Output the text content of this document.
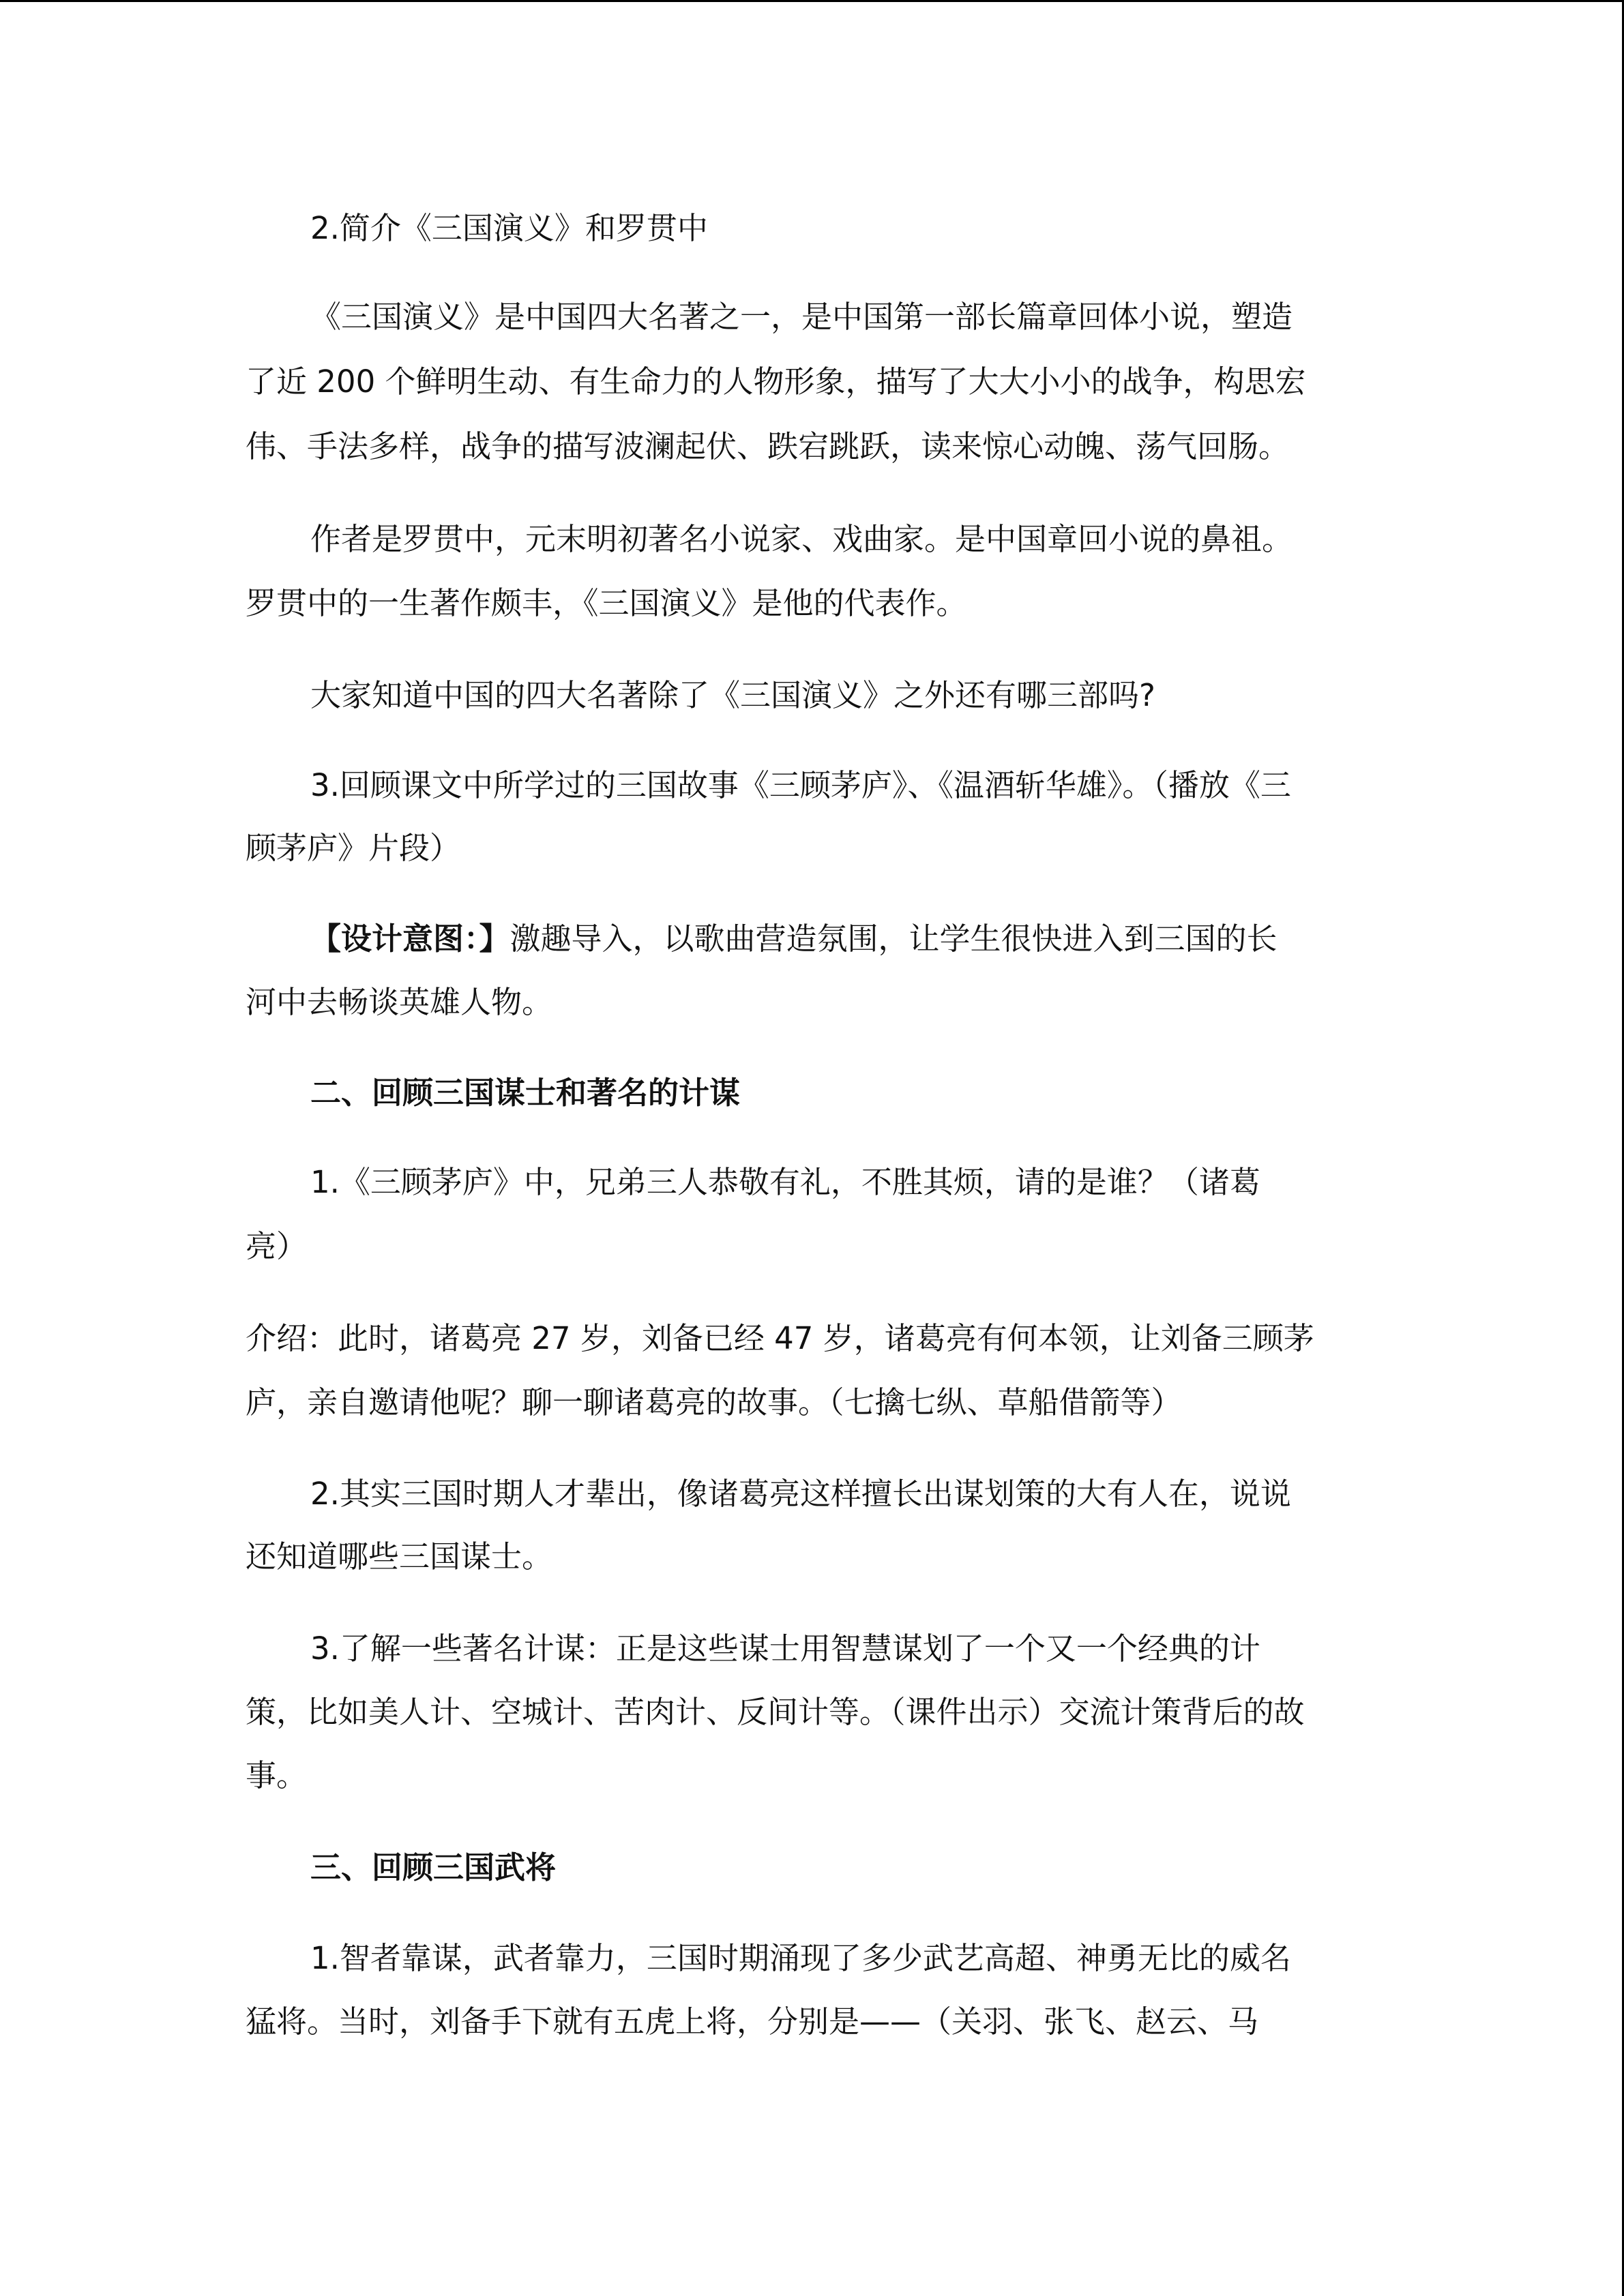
2.简介《三国演义》和罗贯中
《三国演义》是中国四大名著之一，是中国第一部长篇章回体小说，塑造
了近 200 个鲜明生动、有生命力的人物形象，描写了大大小小的战争，构思宏
伟、手法多样，战争的描写波澜起伏、跌宕跳跃，读来惊心动魄、荡气回肠。
作者是罗贯中，元末明初著名小说家、戏曲家。是中国章回小说的鼻祖。
罗贯中的一生著作颇丰，《三国演义》是他的代表作。
大家知道中国的四大名著除了《三国演义》之外还有哪三部吗?
3.回顾课文中所学过的三国故事《三顾茅庐》、《温酒斩华雄》。（播放《三
顾茅庐》片段）
【设计意图：】激趣导入，以歌曲营造氛围，让学生很快进入到三国的长
河中去畅谈英雄人物。
二、回顾三国谋士和著名的计谋
1.《三顾茅庐》中，兄弟三人恭敬有礼，不胜其烦，请的是谁？（诸葛
亮）
介绍：此时，诸葛亮 27 岁，刘备已经 47 岁，诸葛亮有何本领，让刘备三顾茅
庐，亲自邀请他呢？聊一聊诸葛亮的故事。（七擒七纵、草船借箭等）
2.其实三国时期人才辈出，像诸葛亮这样擅长出谋划策的大有人在，说说
还知道哪些三国谋士。
3.了解一些著名计谋：正是这些谋士用智慧谋划了一个又一个经典的计
策，比如美人计、空城计、苦肉计、反间计等。（课件出示）交流计策背后的故
事。
三、回顾三国武将
1.智者靠谋，武者靠力，三国时期涌现了多少武艺高超、神勇无比的威名
猛将。当时，刘备手下就有五虎上将，分别是——（关羽、张飞、赵云、马
